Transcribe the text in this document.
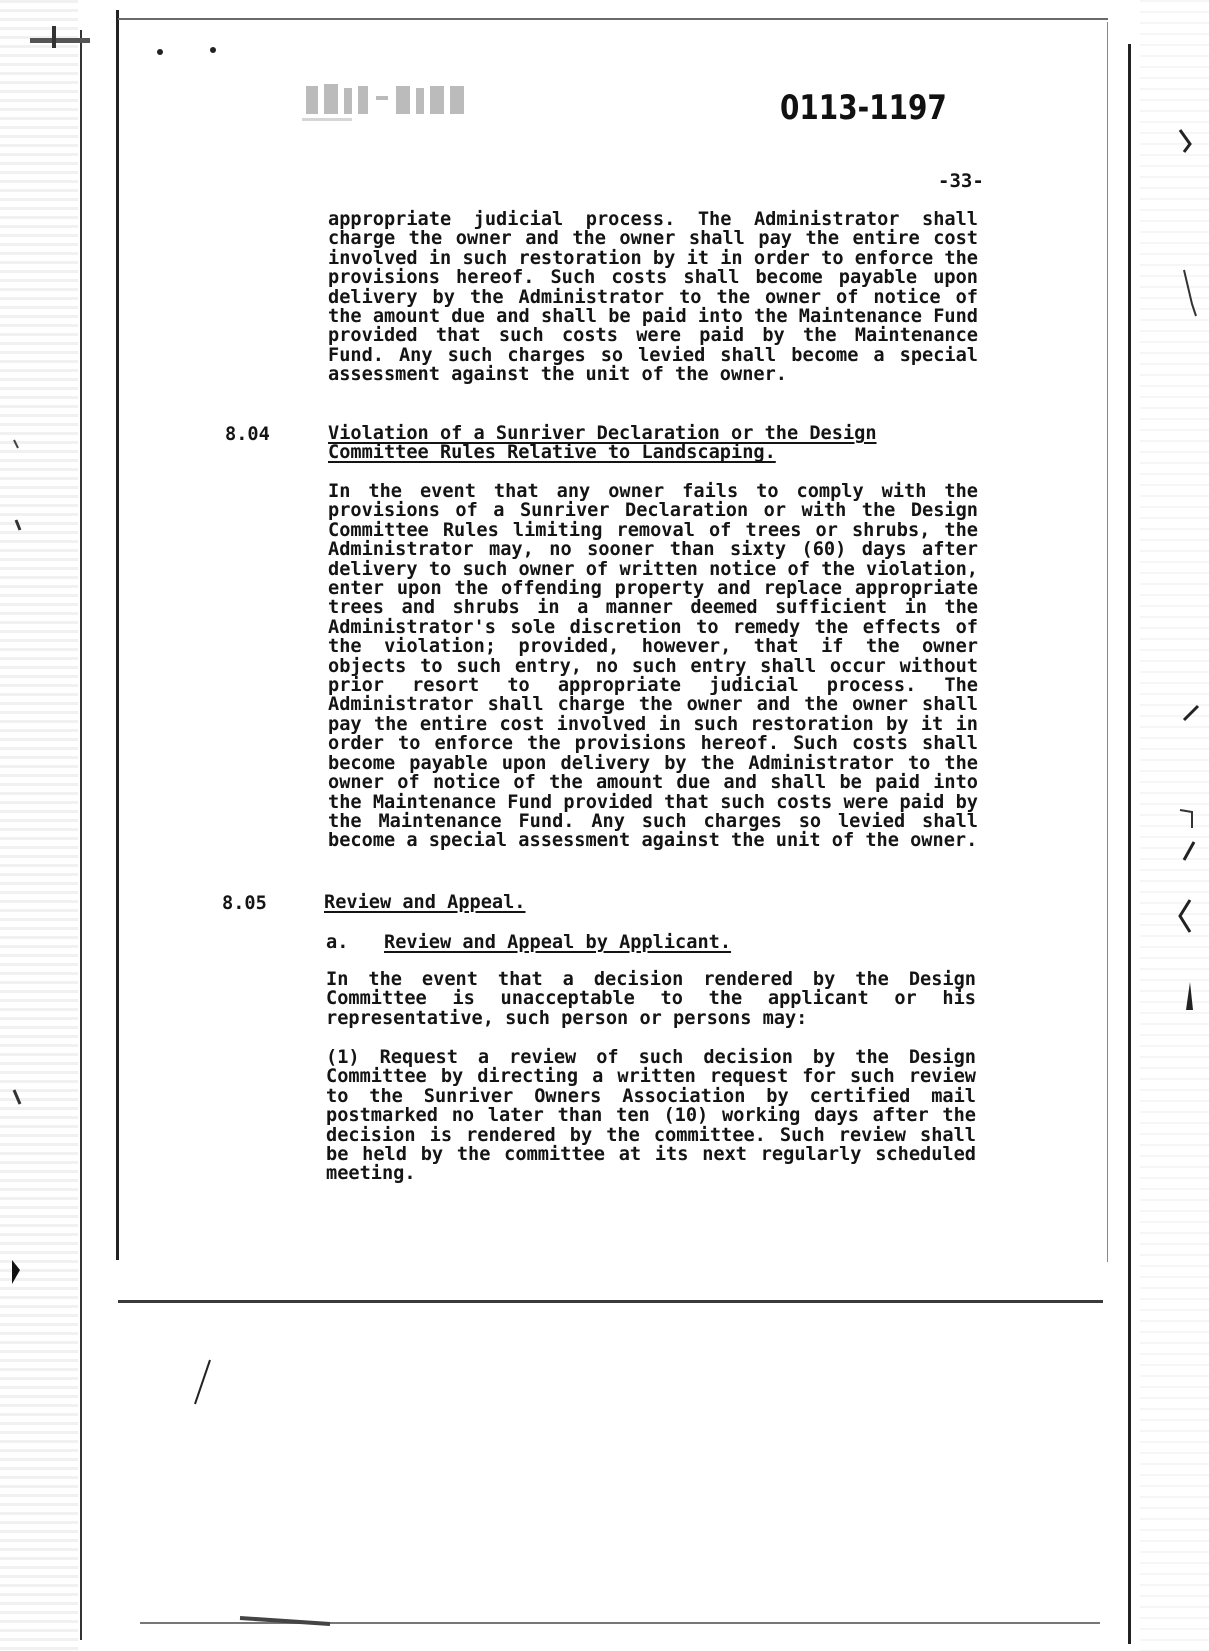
0113-1197
-33-
appropriate judicial process. The Administrator shall charge the owner and the owner shall pay the entire cost involved in such restoration by it in order to enforce the provisions hereof. Such costs shall become payable upon delivery by the Administrator to the owner of notice of the amount due and shall be paid into the Maintenance Fund provided that such costs were paid by the Maintenance Fund. Any such charges so levied shall become a special assessment against the unit of the owner.
8.04	Violation of a Sunriver Declaration or the Design Committee Rules Relative to Landscaping.
In the event that any owner fails to comply with the provisions of a Sunriver Declaration or with the Design Committee Rules limiting removal of trees or shrubs, the Administrator may, no sooner than sixty (60) days after delivery to such owner of written notice of the violation, enter upon the offending property and replace appropriate trees and shrubs in a manner deemed sufficient in the Administrator's sole discretion to remedy the effects of the violation; provided, however, that if the owner objects to such entry, no such entry shall occur without prior resort to appropriate judicial process. The Administrator shall charge the owner and the owner shall pay the entire cost involved in such restoration by it in order to enforce the provisions hereof. Such costs shall become payable upon delivery by the Administrator to the owner of notice of the amount due and shall be paid into the Maintenance Fund provided that such costs were paid by the Maintenance Fund. Any such charges so levied shall become a special assessment against the unit of the owner.
8.05	Review and Appeal.
a. Review and Appeal by Applicant.
In the event that a decision rendered by the Design Committee is unacceptable to the applicant or his representative, such person or persons may:
(1) Request a review of such decision by the Design Committee by directing a written request for such review to the Sunriver Owners Association by certified mail postmarked no later than ten (10) working days after the decision is rendered by the committee. Such review shall be held by the committee at its next regularly scheduled meeting.
